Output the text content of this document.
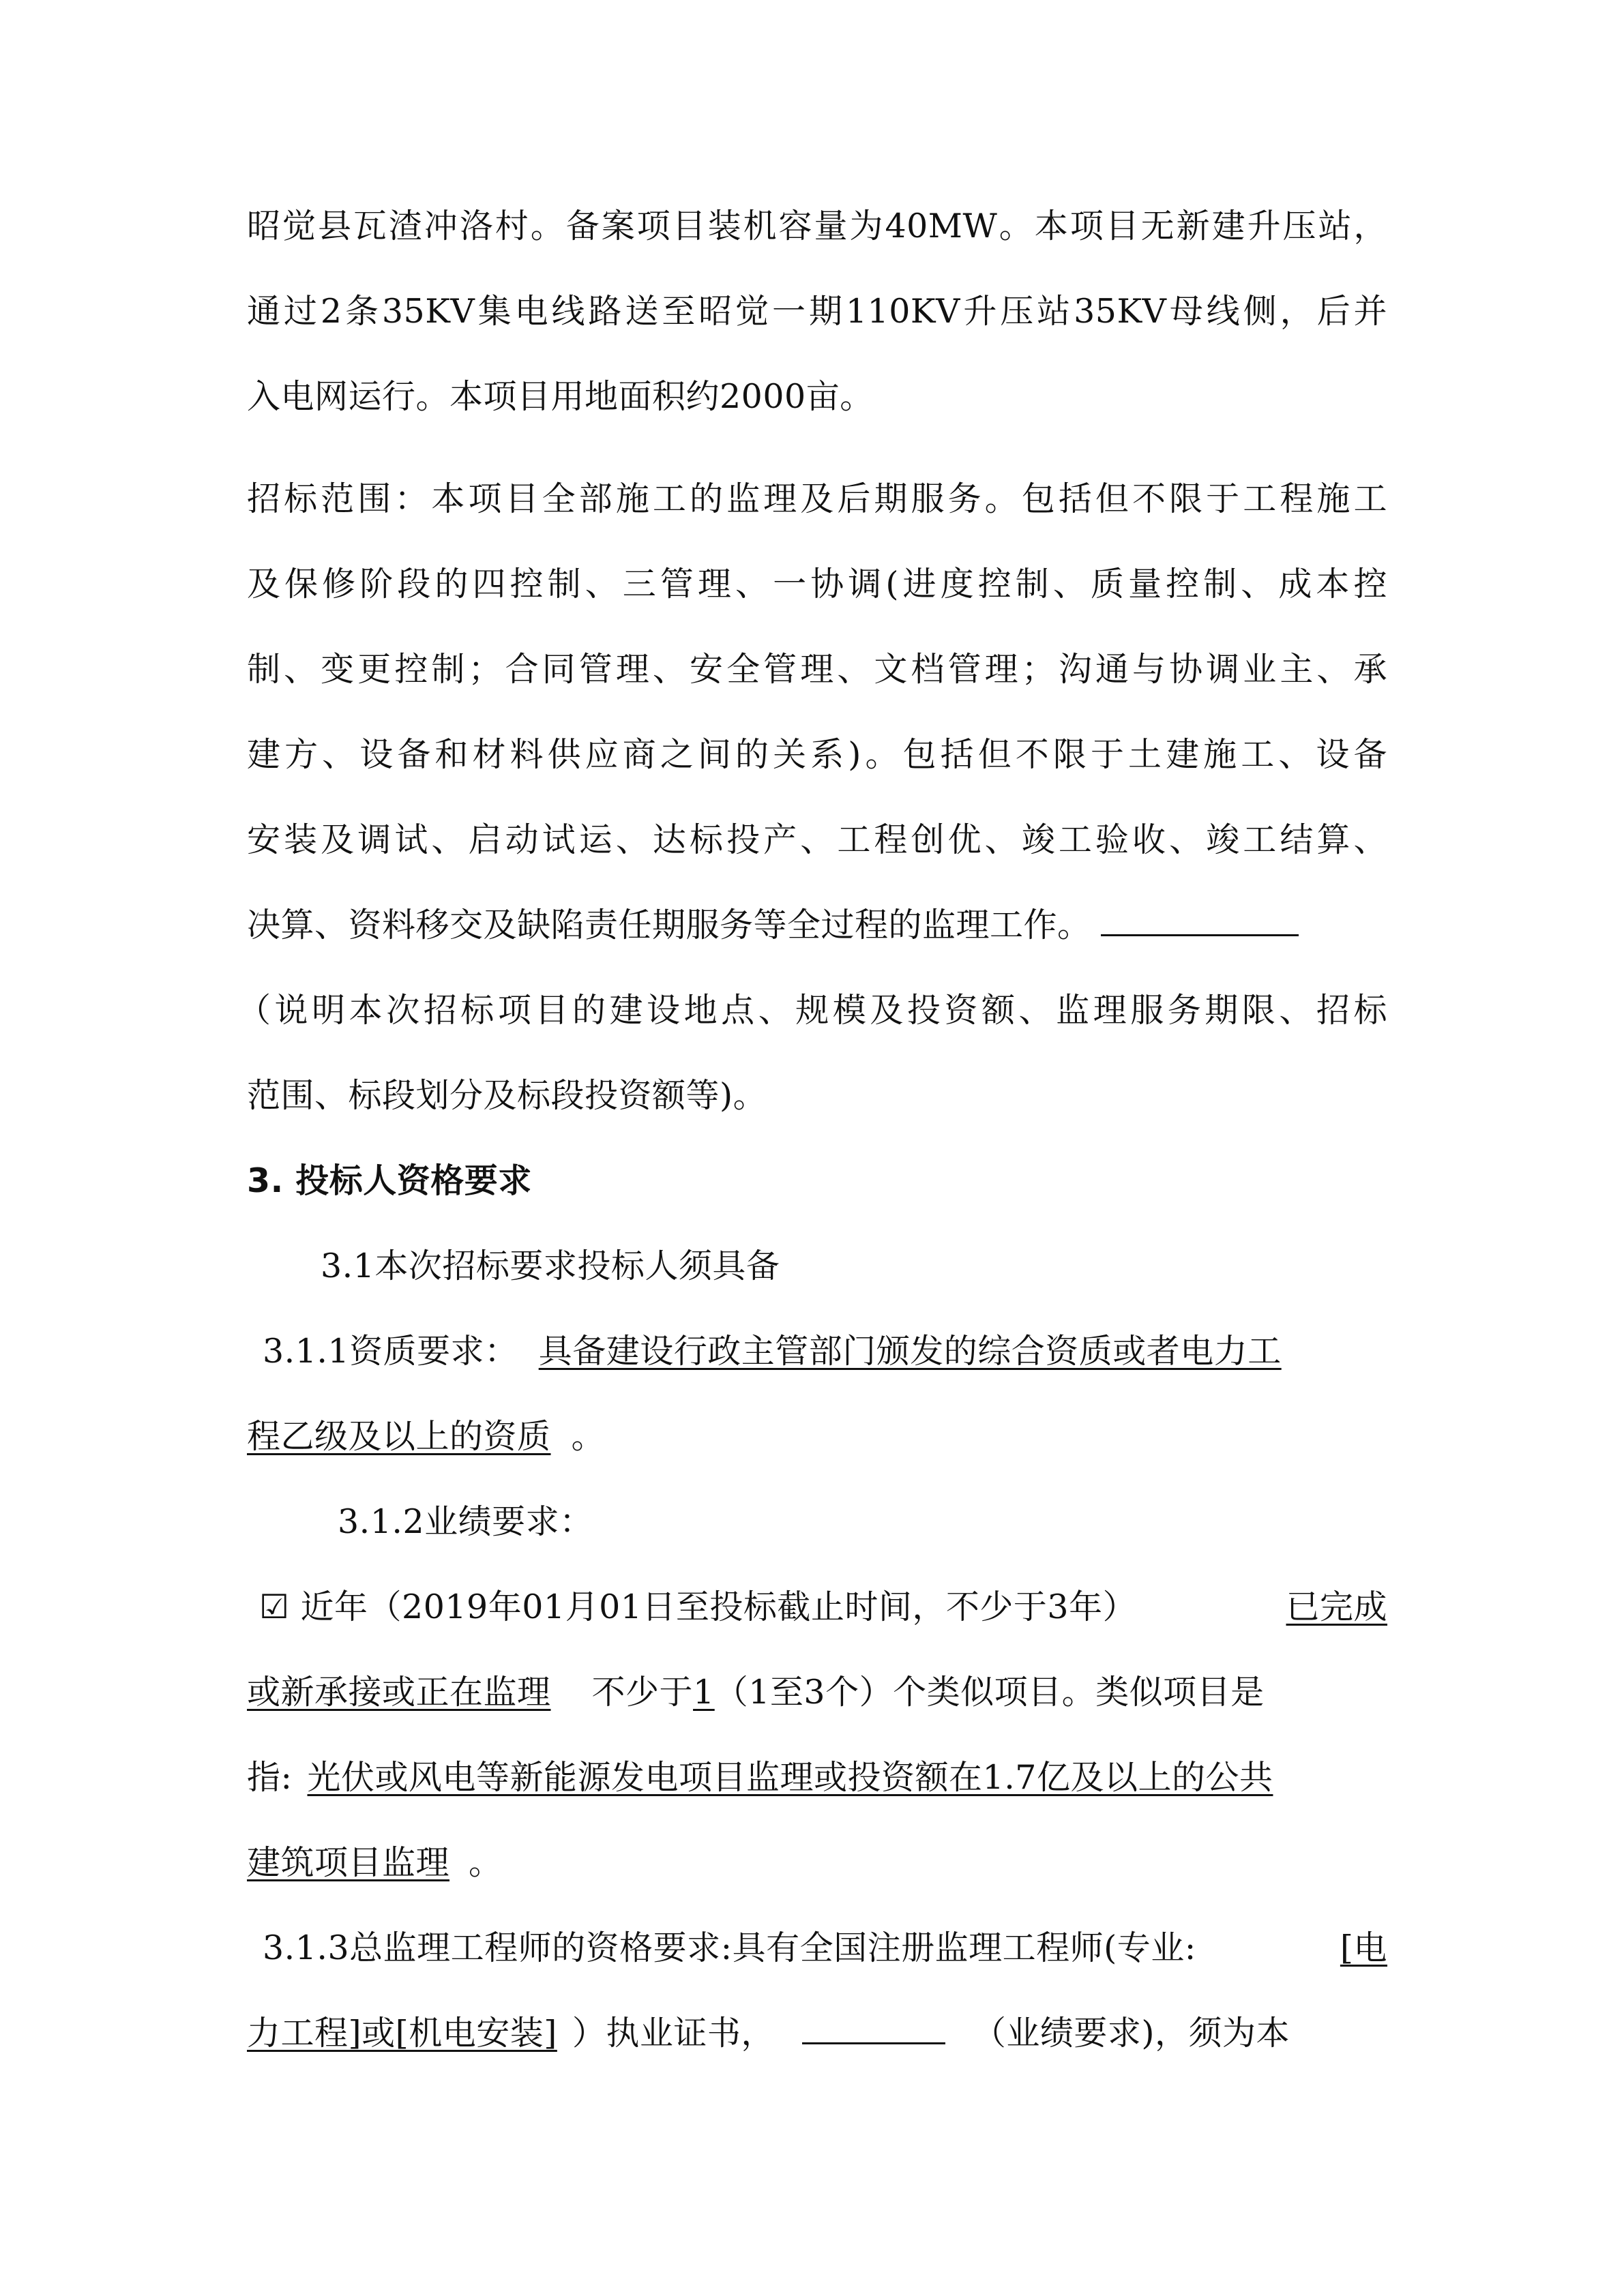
昭觉县瓦渣冲洛村。备案项目装机容量为40MW。本项目无新建升压站，
通过2条35KV集电线路送至昭觉一期110KV升压站35KV母线侧，后并
入电网运行。本项目用地面积约2000亩。
招标范围：本项目全部施工的监理及后期服务。包括但不限于工程施工
及保修阶段的四控制、三管理、一协调(进度控制、质量控制、成本控
制、变更控制；合同管理、安全管理、文档管理；沟通与协调业主、承
建方、设备和材料供应商之间的关系)。包括但不限于土建施工、设备
安装及调试、启动试运、达标投产、工程创优、竣工验收、竣工结算、
决算、资料移交及缺陷责任期服务等全过程的监理工作。
（说明本次招标项目的建设地点、规模及投资额、监理服务期限、招标
范围、标段划分及标段投资额等)。
3. 投标人资格要求
3.1本次招标要求投标人须具备
3.1.1资质要求： 具备建设行政主管部门颁发的综合资质或者电力工
程乙级及以上的资质 。
3.1.2业绩要求：
☑ 近年（2019年01月01日至投标截止时间，不少于3年）	已完成
或新承接或正在监理 不少于1（1至3个）个类似项目。类似项目是
指: 光伏或风电等新能源发电项目监理或投资额在1.7亿及以上的公共
建筑项目监理 。
3.1.3总监理工程师的资格要求:具有全国注册监理工程师(专业:	[电
力工程]或[机电安装] ）执业证书，	（业绩要求)，须为本
